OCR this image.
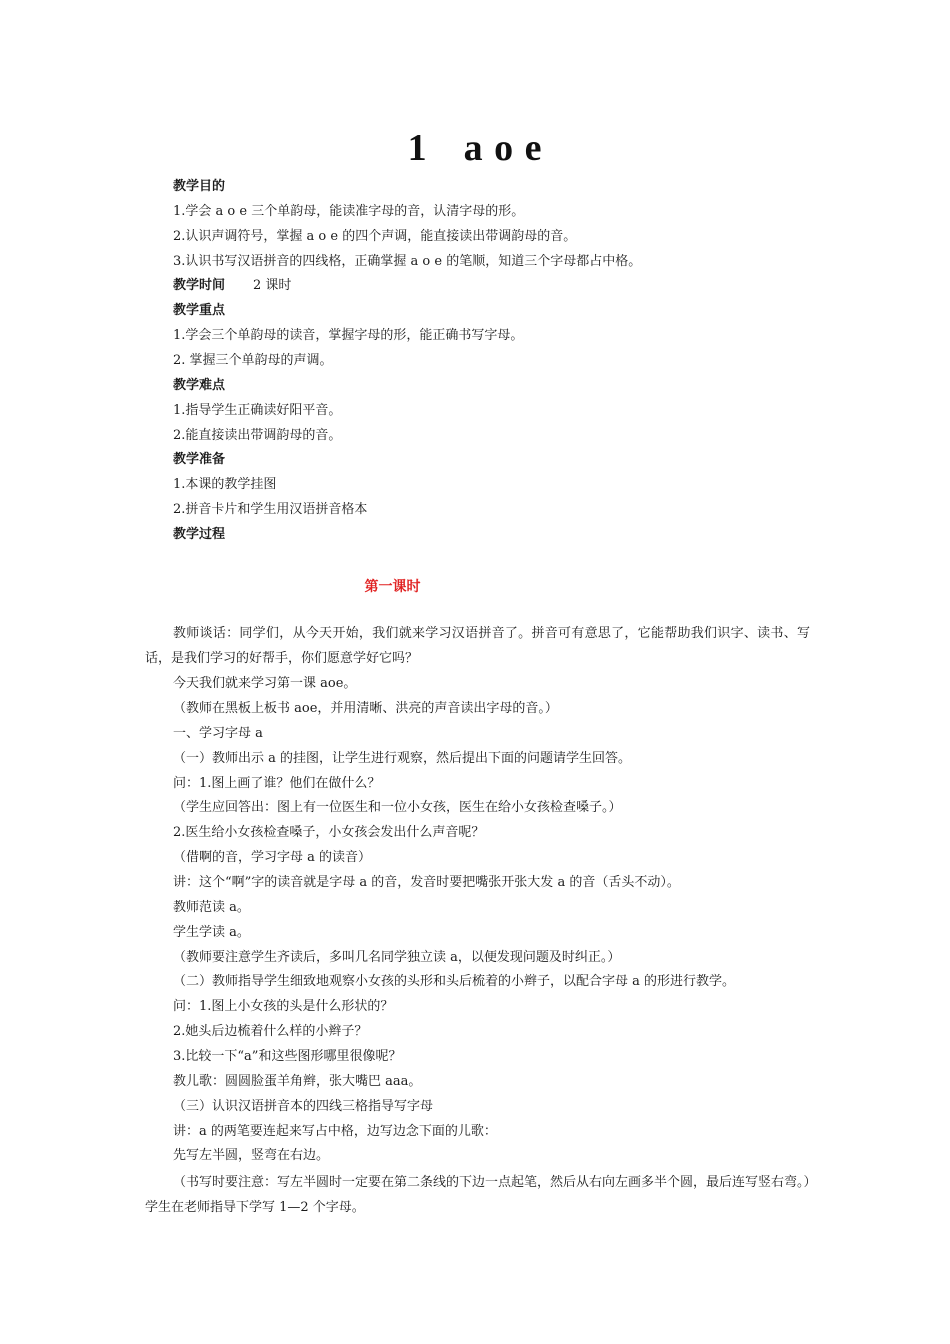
1 a o e
教学目的
1.学会 a o e 三个单韵母，能读准字母的音，认清字母的形。
2.认识声调符号，掌握 a o e 的四个声调，能直接读出带调韵母的音。
3.认识书写汉语拼音的四线格，正确掌握 a o e 的笔顺，知道三个字母都占中格。
教学时间 2 课时
教学重点
1.学会三个单韵母的读音，掌握字母的形，能正确书写字母。
2. 掌握三个单韵母的声调。
教学难点
1.指导学生正确读好阳平音。
2.能直接读出带调韵母的音。
教学准备
1.本课的教学挂图
2.拼音卡片和学生用汉语拼音格本
教学过程
第一课时
教师谈话：同学们，从今天开始，我们就来学习汉语拼音了。拼音可有意思了，它能帮助我们识字、读书、写话，是我们学习的好帮手，你们愿意学好它吗？
今天我们就来学习第一课 aoe。
（教师在黑板上板书 aoe，并用清晰、洪亮的声音读出字母的音。）
一、学习字母 a
（一）教师出示 a 的挂图，让学生进行观察，然后提出下面的问题请学生回答。
问：1.图上画了谁？他们在做什么？
（学生应回答出：图上有一位医生和一位小女孩，医生在给小女孩检查嗓子。）
2.医生给小女孩检查嗓子，小女孩会发出什么声音呢？
（借啊的音，学习字母 a 的读音）
讲：这个“啊”字的读音就是字母 a 的音，发音时要把嘴张开张大发 a 的音（舌头不动）。
教师范读 a。
学生学读 a。
（教师要注意学生齐读后，多叫几名同学独立读 a，以便发现问题及时纠正。）
（二）教师指导学生细致地观察小女孩的头形和头后梳着的小辫子，以配合字母 a 的形进行教学。
问：1.图上小女孩的头是什么形状的？
2.她头后边梳着什么样的小辫子？
3.比较一下“a”和这些图形哪里很像呢？
教儿歌：圆圆脸蛋羊角辫，张大嘴巴 aaa。
（三）认识汉语拼音本的四线三格指导写字母
讲：a 的两笔要连起来写占中格，边写边念下面的儿歌：
先写左半圆，竖弯在右边。
（书写时要注意：写左半圆时一定要在第二条线的下边一点起笔，然后从右向左画多半个圆，最后连写竖右弯。）学生在老师指导下学写 1—2 个字母。
